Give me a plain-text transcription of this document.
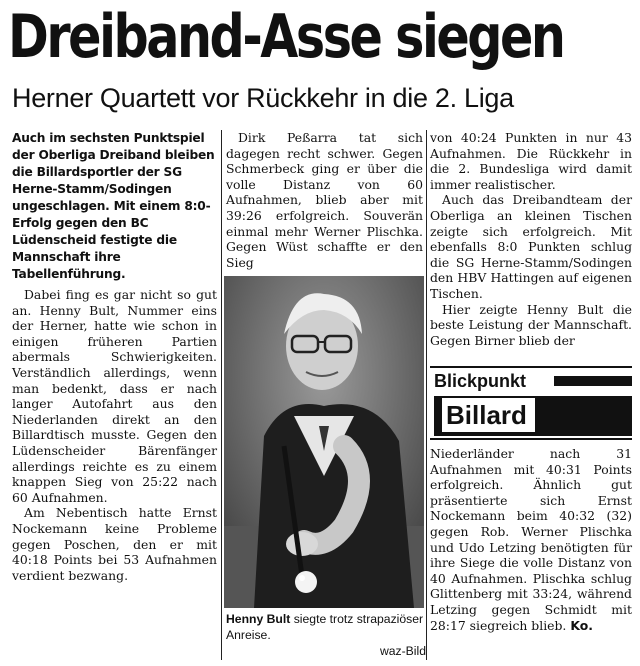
Dreiband-Asse siegen
Herner Quartett vor Rückkehr in die 2. Liga

Auch im sechsten Punktspiel der Oberliga Dreiband bleiben die Billardsportler der SG Herne-Stamm/Sodingen ungeschlagen. Mit einem 8:0-Erfolg gegen den BC Lüdenscheid festigte die Mannschaft ihre Tabellenführung.

Dabei fing es gar nicht so gut an. Henny Bult, Nummer eins der Herner, hatte wie schon in einigen früheren Partien abermals Schwierigkeiten. Verständlich allerdings, wenn man bedenkt, dass er nach langer Autofahrt aus den Niederlanden direkt an den Billardtisch musste. Gegen den Lüdenscheider Bärenfänger allerdings reichte es zu einem knappen Sieg von 25:22 nach 60 Aufnahmen.

Am Nebentisch hatte Ernst Nockemann keine Probleme gegen Poschen, den er mit 40:18 Points bei 53 Aufnahmen verdient bezwang.

Dirk Peßarra tat sich dagegen recht schwer. Gegen Schmerbeck ging er über die volle Distanz von 60 Aufnahmen, blieb aber mit 39:26 erfolgreich. Souverän einmal mehr Werner Plischka. Gegen Wüst schaffte er den Sieg

Henny Bult siegte trotz strapaziöser Anreise.
waz-Bild

von 40:24 Punkten in nur 43 Aufnahmen. Die Rückkehr in die 2. Bundesliga wird damit immer realistischer.

Auch das Dreibandteam der Oberliga an kleinen Tischen zeigte sich erfolgreich. Mit ebenfalls 8:0 Punkten schlug die SG Herne-Stamm/Sodingen den HBV Hattingen auf eigenen Tischen.

Hier zeigte Henny Bult die beste Leistung der Mannschaft. Gegen Birner blieb der

Blickpunkt
Billard

Niederländer nach 31 Aufnahmen mit 40:31 Points erfolgreich. Ähnlich gut präsentierte sich Ernst Nockemann beim 40:32 (32) gegen Rob. Werner Plischka und Udo Letzing benötigten für ihre Siege die volle Distanz von 40 Aufnahmen. Plischka schlug Glittenberg mit 33:24, während Letzing gegen Schmidt mit 28:17 siegreich blieb. Ko.
